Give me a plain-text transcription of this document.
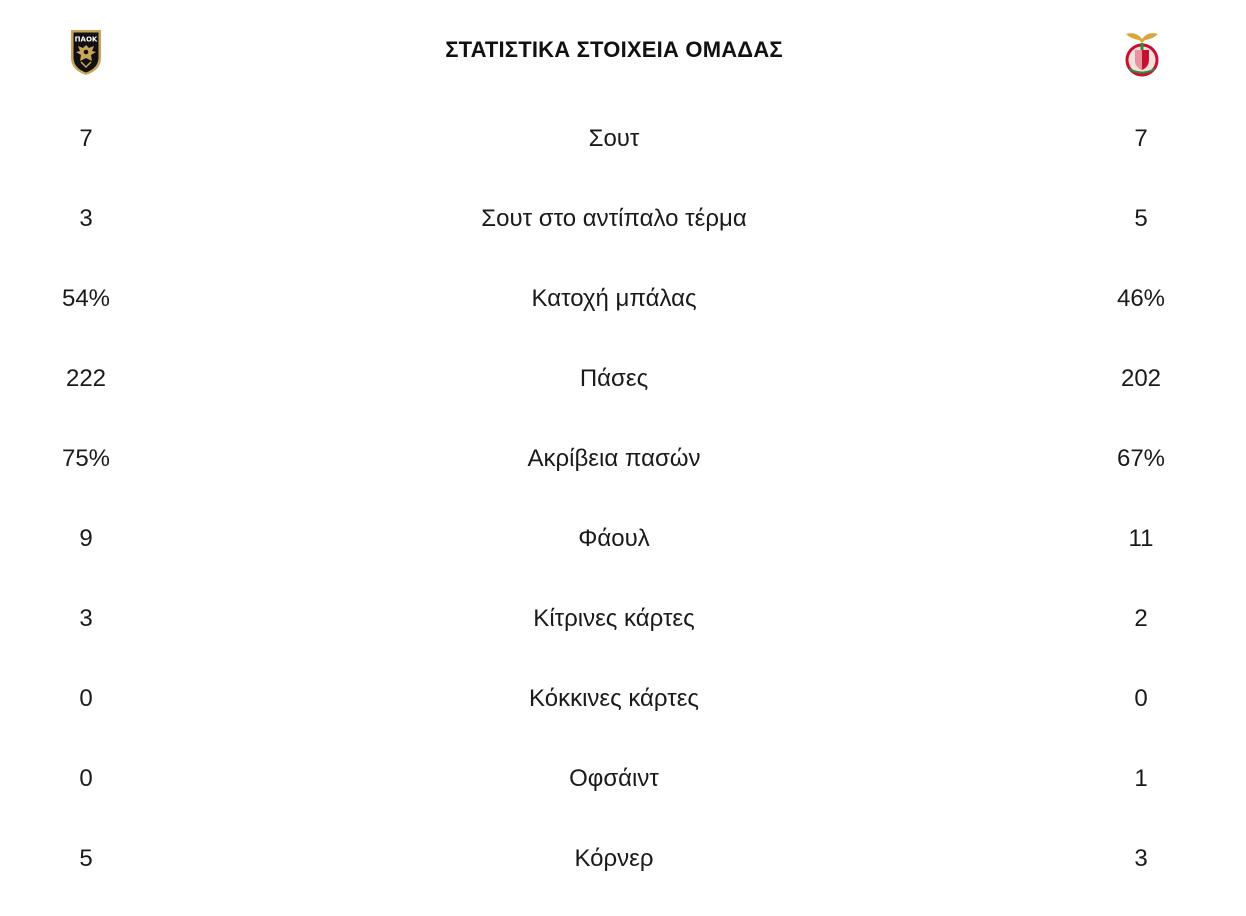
ΠΑΟΚ	ΣΤΑΤΙΣΤΙΚΑ ΣΤΟΙΧΕΙΑ ΟΜΑΔΑΣ
7	Σουτ	7
3	Σουτ στο αντίπαλο τέρμα	5
54%	Κατοχή μπάλας	46%
222	Πάσες	202
75%	Ακρίβεια πασών	67%
9	Φάουλ	11
3	Κίτρινες κάρτες	2
0	Κόκκινες κάρτες	0
0	Οφσάιντ	1
5	Κόρνερ	3
